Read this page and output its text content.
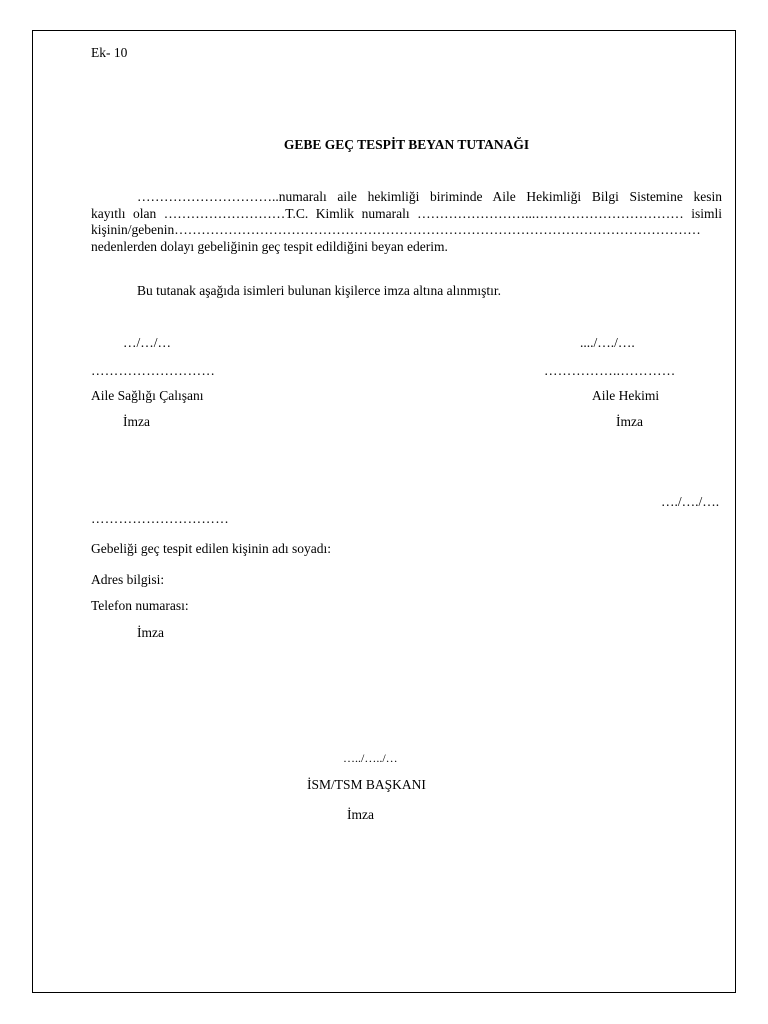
Ek- 10
GEBE GEÇ TESPİT BEYAN TUTANAĞI
…………………………..numaralı aile hekimliği biriminde Aile Hekimliği Bilgi Sistemine kesin
kayıtlı olan ………………………T.C. Kimlik numaralı ……………………...…………………………… isimli
kişinin/gebenin………………………………………………………………………………………………………
nedenlerden dolayı gebeliğinin geç tespit edildiğini beyan ederim.
Bu tutanak aşağıda isimleri bulunan kişilerce imza altına alınmıştır.
…/…/…
………………………
Aile Sağlığı Çalışanı
İmza
..../…./….
……………..…………
Aile Hekimi
İmza
…./…./….
…………………………
Gebeliği geç tespit edilen kişinin adı soyadı:
Adres bilgisi:
Telefon numarası:
İmza
…../…../…
İSM/TSM BAŞKANI
İmza
